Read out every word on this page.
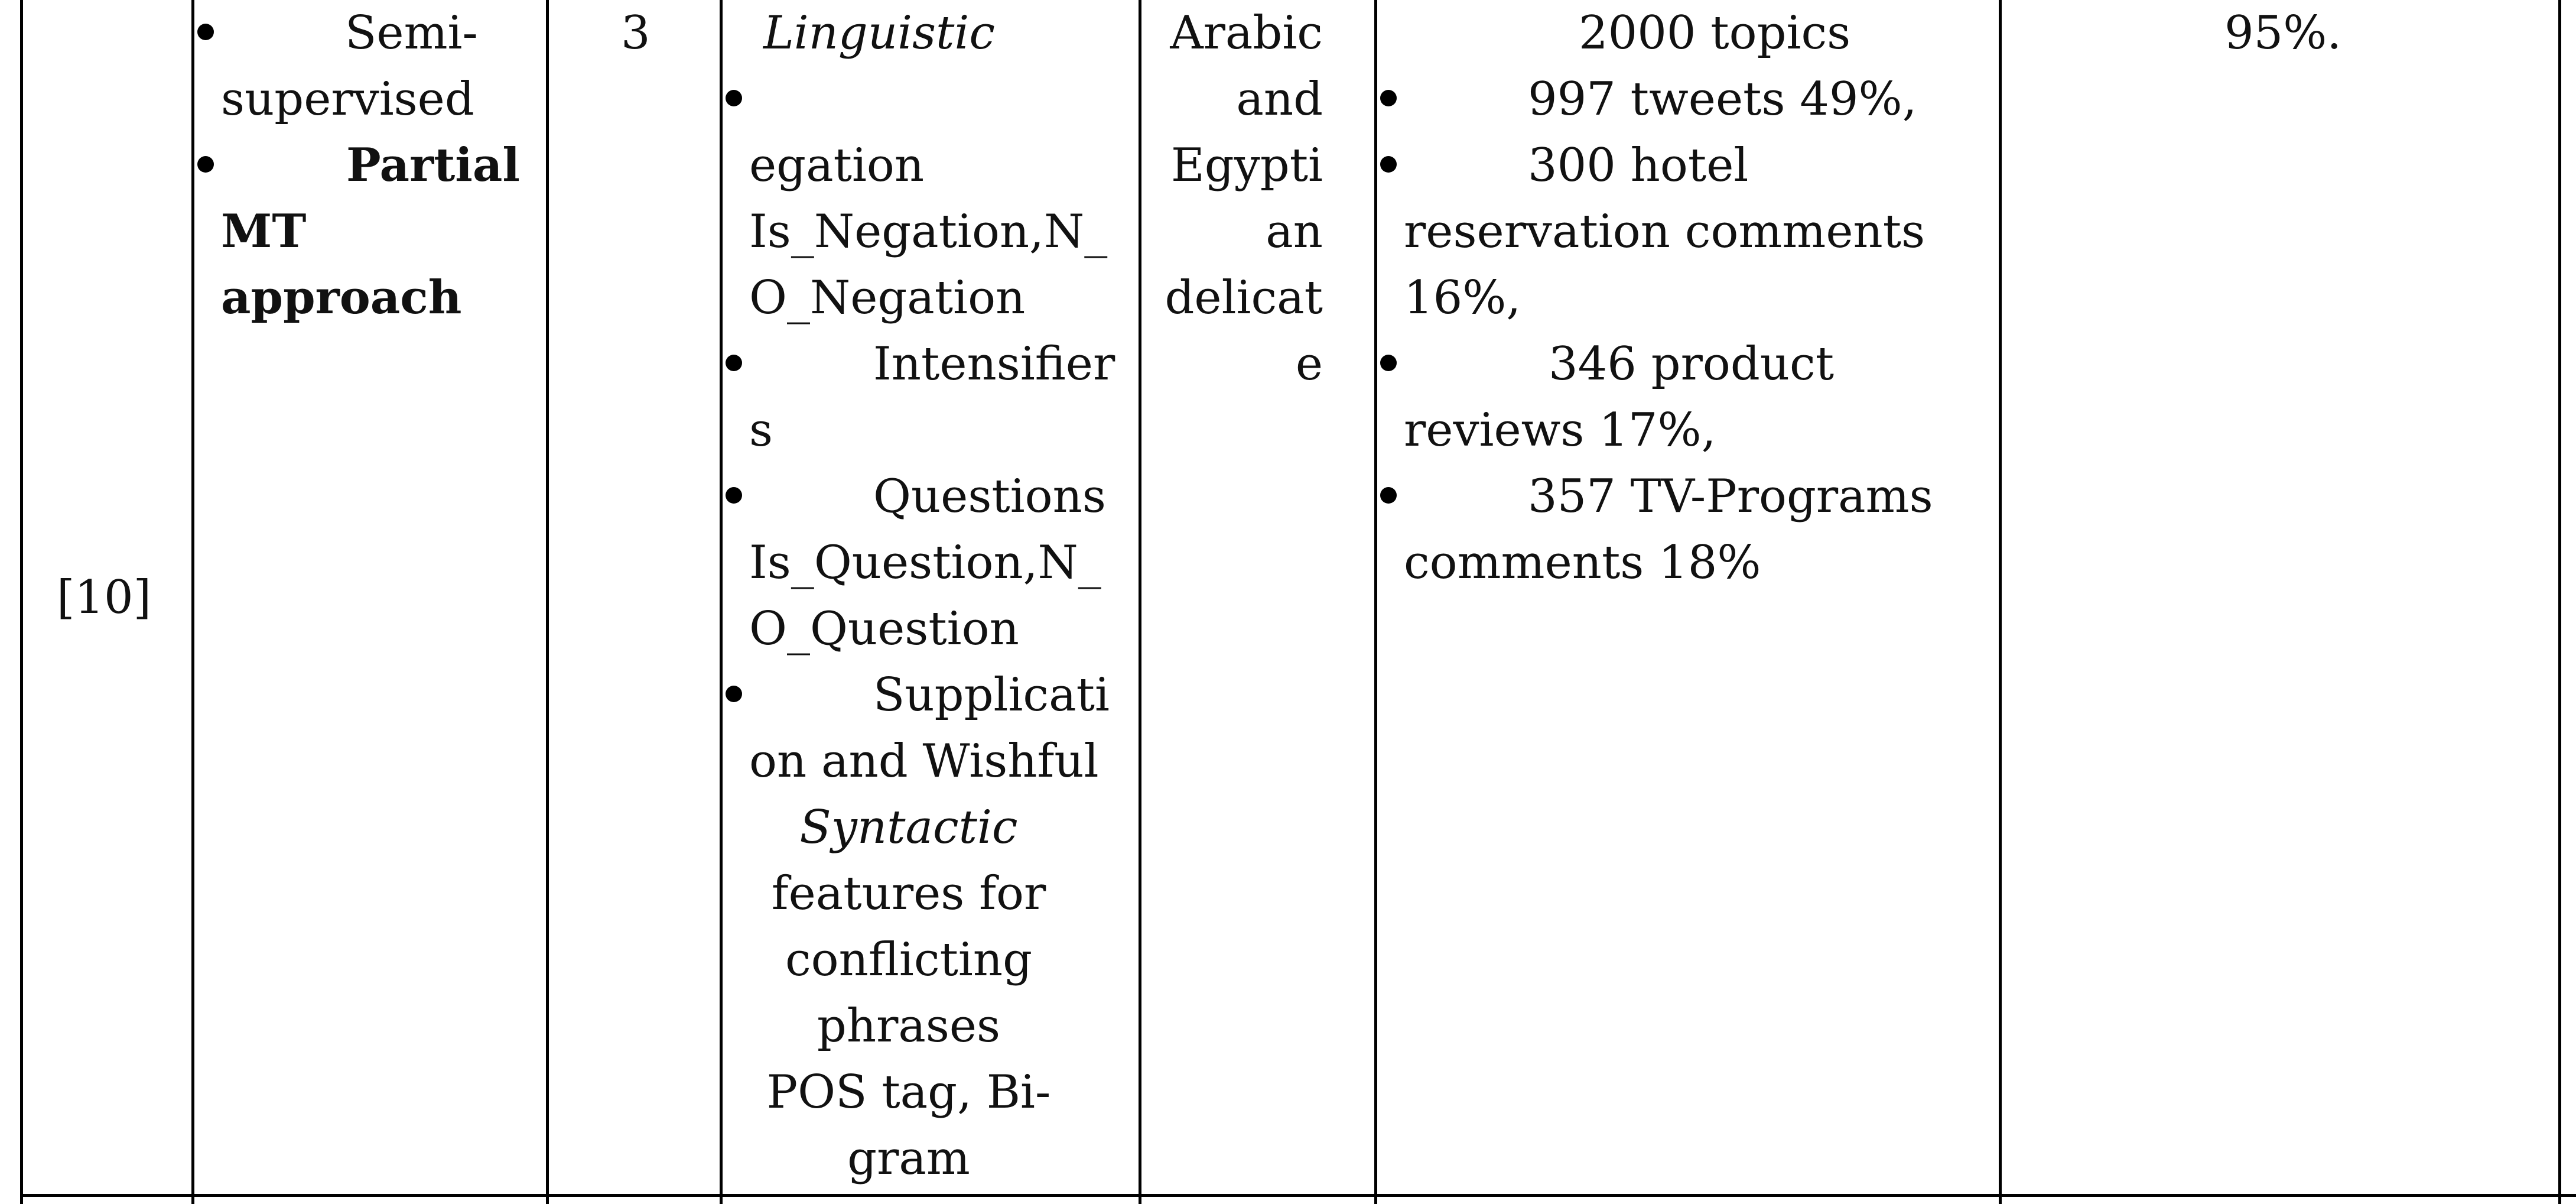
[10]
Semi-
supervised
Partial
MT
approach
3	Linguistic
egation
Is_Negation,N_
O_Negation
Intensifier
s
Questions
Is_Question,N_
O_Question
Supplicati
on and Wishful
Syntactic
features for
conflicting
phrases
POS tag, Bi-
gram
Arabic
and
Egypti
an
delicat
e
2000 topics
997 tweets 49%,
300 hotel
reservation comments
16%,
346 product
reviews 17%,
357 TV-Programs
comments 18%
95%.
